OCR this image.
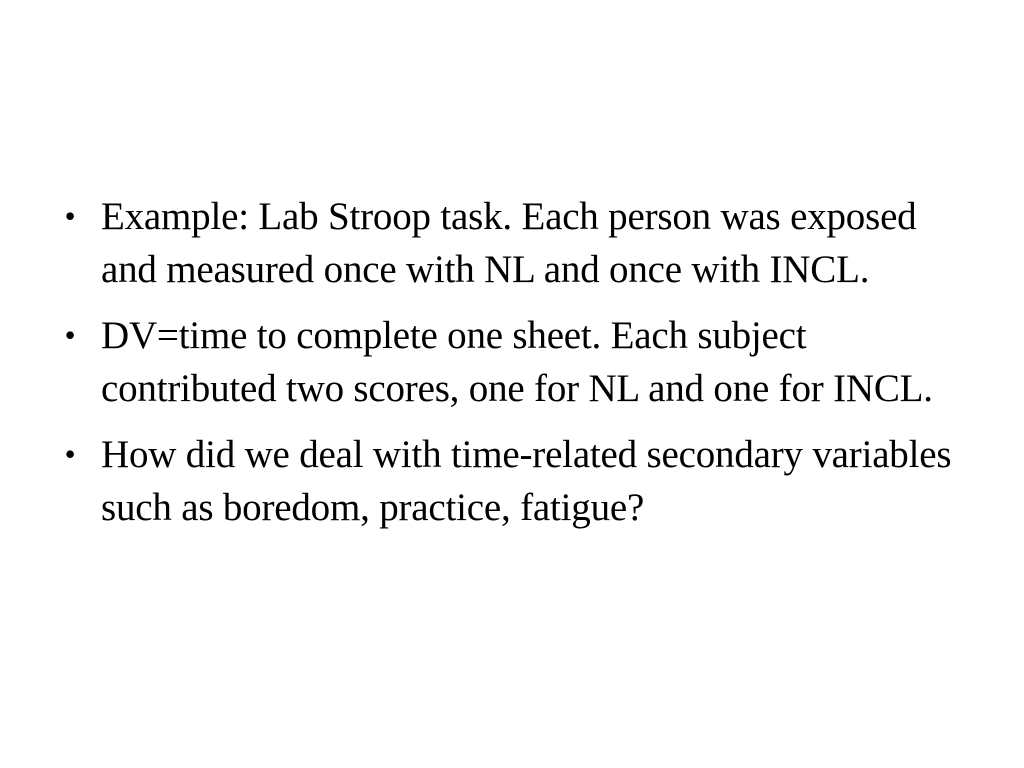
• Example: Lab Stroop task. Each person was exposed and measured once with NL and once with INCL.
• DV=time to complete one sheet. Each subject contributed two scores, one for NL and one for INCL.
• How did we deal with time-related secondary variables such as boredom, practice, fatigue?
